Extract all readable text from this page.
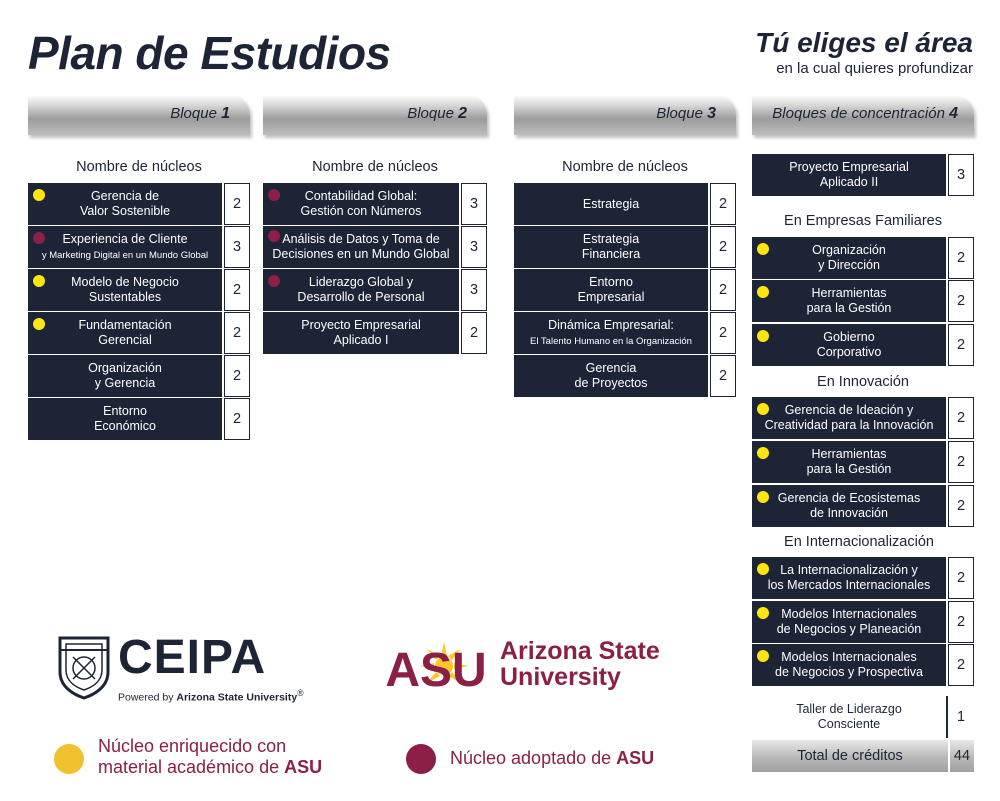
Plan de Estudios	Tú eliges el área
en la cual quieres profundizar
Bloque 1	Bloque 2	Bloque 3	Bloques de concentración 4
Nombre de núcleos	Nombre de núcleos	Nombre de núcleos
Gerencia de
Valor Sostenible	2
Experiencia de Cliente
y Marketing Digital en un Mundo Global	3
Modelo de Negocio
Sustentables	2
Fundamentación
Gerencial	2
Organización
y Gerencia	2
Entorno
Económico	2
Contabilidad Global:
Gestión con Números	3
Análisis de Datos y Toma de
Decisiones en un Mundo Global	3
Liderazgo Global y
Desarrollo de Personal	3
Proyecto Empresarial
Aplicado I	2
Estrategia	2
Estrategia
Financiera	2
Entorno
Empresarial	2
Dinámica Empresarial:
El Talento Humano en la Organización	2
Gerencia
de Proyectos	2
Proyecto Empresarial
Aplicado II	3
En Empresas Familiares
Organización
y Dirección	2
Herramientas
para la Gestión	2
Gobierno
Corporativo	2
En Innovación
Gerencia de Ideación y
Creatividad para la Innovación	2
Herramientas
para la Gestión	2
Gerencia de Ecosistemas
de Innovación	2
En Internacionalización
La Internacionalización y
los Mercados Internacionales	2
Modelos Internacionales
de Negocios y Planeación	2
Modelos Internacionales
de Negocios y Prospectiva	2
Taller de Liderazgo
Consciente	1
Total de créditos	44
CEIPA
Powered by Arizona State University® ASU Arizona State
University
Núcleo enriquecido con
material académico de ASU	Núcleo adoptado de ASU
